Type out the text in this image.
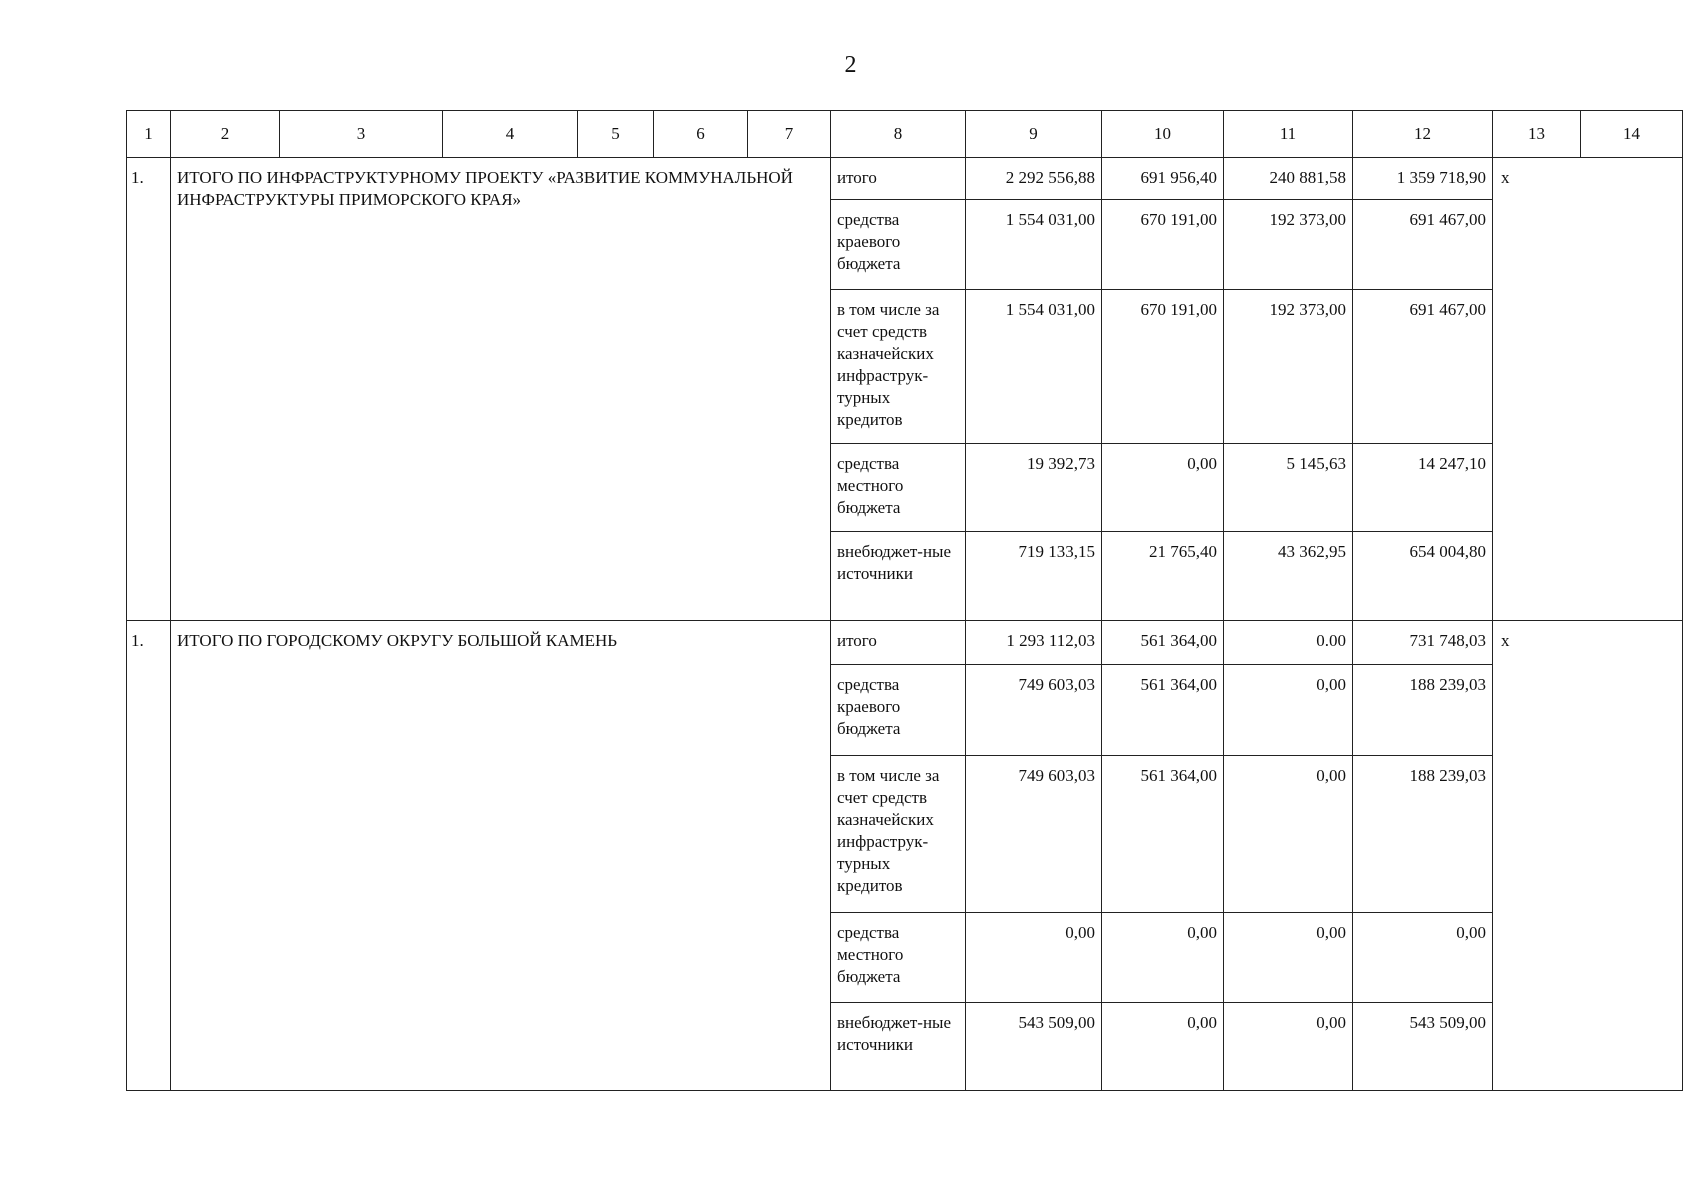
2
1	2	3	4	5	6	7	8	9	10	11	12	13	14
1.	ИТОГО ПО ИНФРАСТРУКТУРНОМУ ПРОЕКТУ «РАЗВИТИЕ КОММУНАЛЬНОЙ ИНФРАСТРУКТУРЫ ПРИМОРСКОГО КРАЯ»						итого	2 292 556,88	691 956,40	240 881,58	1 359 718,90	х	
							средства краевого бюджета	1 554 031,00	670 191,00	192 373,00	691 467,00		
							в том числе за счет средств казначейских инфраструк-турных кредитов	1 554 031,00	670 191,00	192 373,00	691 467,00		
							средства местного бюджета	19 392,73	0,00	5 145,63	14 247,10		
							внебюджет-ные источники	719 133,15	21 765,40	43 362,95	654 004,80		
1.	ИТОГО ПО ГОРОДСКОМУ ОКРУГУ БОЛЬШОЙ КАМЕНЬ						итого	1 293 112,03	561 364,00	0.00	731 748,03	х	
							средства краевого бюджета	749 603,03	561 364,00	0,00	188 239,03		
							в том числе за счет средств казначейских инфраструк-турных кредитов	749 603,03	561 364,00	0,00	188 239,03		
							средства местного бюджета	0,00	0,00	0,00	0,00		
							внебюджет-ные источники	543 509,00	0,00	0,00	543 509,00		
